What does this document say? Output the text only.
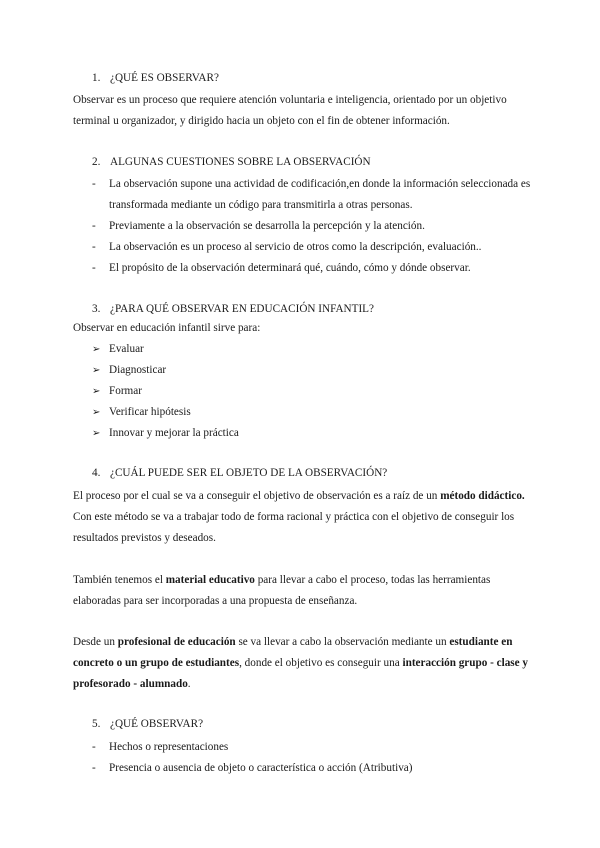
1. ¿QUÉ ES OBSERVAR?
Observar es un proceso que requiere atención voluntaria e inteligencia, orientado por un objetivo terminal u organizador, y dirigido hacia un objeto con el fin de obtener información.
2. ALGUNAS CUESTIONES SOBRE LA OBSERVACIÓN
- La observación supone una actividad de codificación,en donde la información seleccionada es transformada mediante un código para transmitirla a otras personas.
- Previamente a la observación se desarrolla la percepción y la atención.
- La observación es un proceso al servicio de otros como la descripción, evaluación..
- El propósito de la observación determinará qué, cuándo, cómo y dónde observar.
3. ¿PARA QUÉ OBSERVAR EN EDUCACIÓN INFANTIL?
Observar en educación infantil sirve para:
➢ Evaluar
➢ Diagnosticar
➢ Formar
➢ Verificar hipótesis
➢ Innovar y mejorar la práctica
4. ¿CUÁL PUEDE SER EL OBJETO DE LA OBSERVACIÓN?
El proceso por el cual se va a conseguir el objetivo de observación es a raíz de un método didáctico. Con este método se va a trabajar todo de forma racional y práctica con el objetivo de conseguir los resultados previstos y deseados.
También tenemos el material educativo para llevar a cabo el proceso, todas las herramientas elaboradas para ser incorporadas a una propuesta de enseñanza.
Desde un profesional de educación se va llevar a cabo la observación mediante un estudiante en concreto o un grupo de estudiantes, donde el objetivo es conseguir una interacción grupo - clase y profesorado - alumnado.
5. ¿QUÉ OBSERVAR?
- Hechos o representaciones
- Presencia o ausencia de objeto o característica o acción (Atributiva)
